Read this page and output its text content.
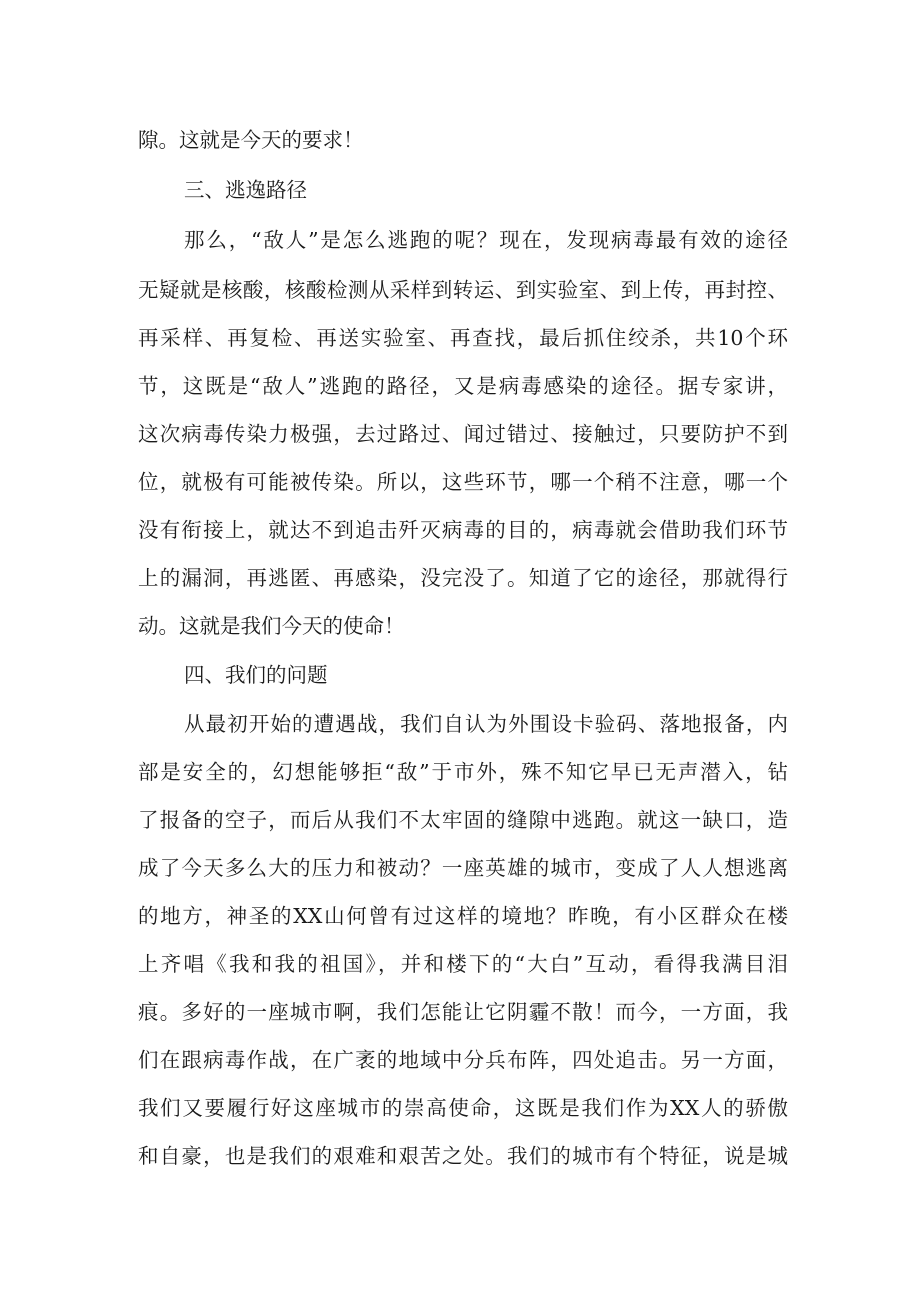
隙。这就是今天的要求！
三、逃逸路径
那么，“敌人”是怎么逃跑的呢？现在，发现病毒最有效的途径
无疑就是核酸，核酸检测从采样到转运、到实验室、到上传，再封控、
再采样、再复检、再送实验室、再查找，最后抓住绞杀，共10个环
节，这既是“敌人”逃跑的路径，又是病毒感染的途径。据专家讲，
这次病毒传染力极强，去过路过、闻过错过、接触过，只要防护不到
位，就极有可能被传染。所以，这些环节，哪一个稍不注意，哪一个
没有衔接上，就达不到追击歼灭病毒的目的，病毒就会借助我们环节
上的漏洞，再逃匿、再感染，没完没了。知道了它的途径，那就得行
动。这就是我们今天的使命！
四、我们的问题
从最初开始的遭遇战，我们自认为外围设卡验码、落地报备，内
部是安全的，幻想能够拒“敌”于市外，殊不知它早已无声潜入，钻
了报备的空子，而后从我们不太牢固的缝隙中逃跑。就这一缺口，造
成了今天多么大的压力和被动？一座英雄的城市，变成了人人想逃离
的地方，神圣的XX山何曾有过这样的境地？昨晚，有小区群众在楼
上齐唱《我和我的祖国》，并和楼下的“大白”互动，看得我满目泪
痕。多好的一座城市啊，我们怎能让它阴霾不散！而今，一方面，我
们在跟病毒作战，在广袤的地域中分兵布阵，四处追击。另一方面，
我们又要履行好这座城市的崇高使命，这既是我们作为XX人的骄傲
和自豪，也是我们的艰难和艰苦之处。我们的城市有个特征，说是城
